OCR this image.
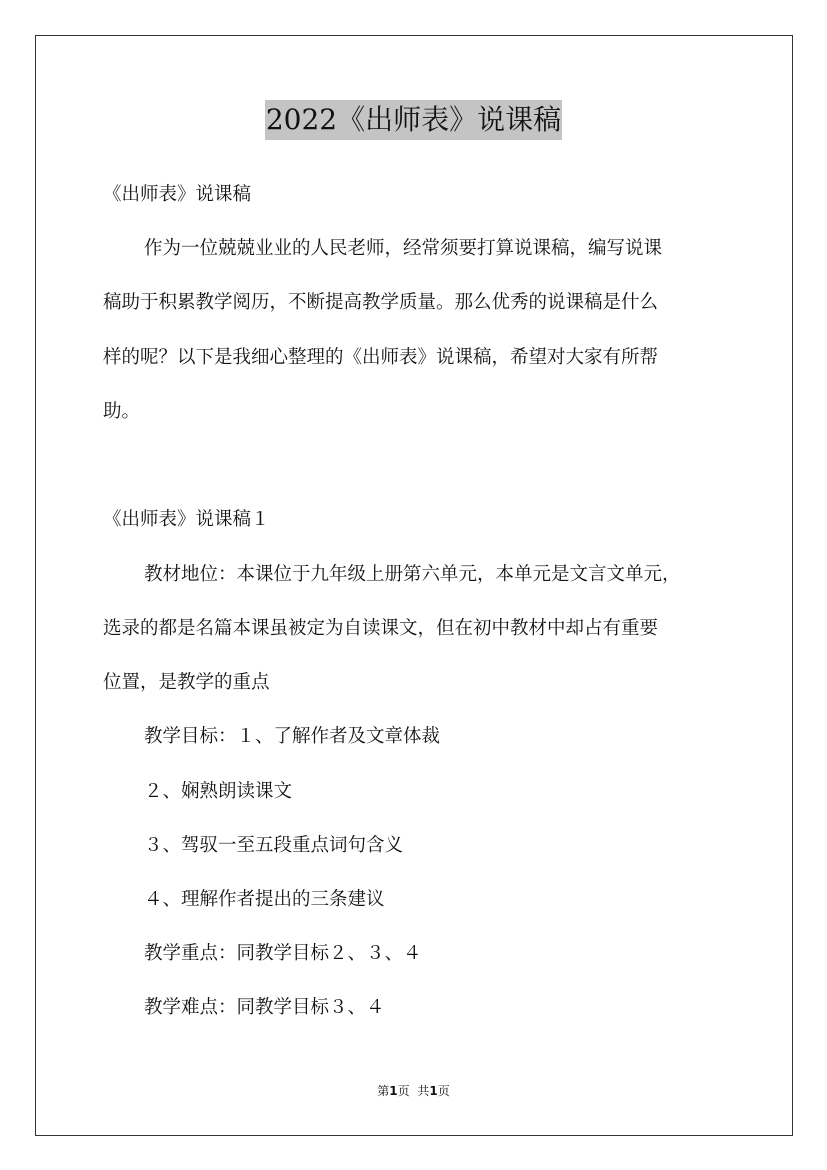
2022《出师表》说课稿
《出师表》说课稿
作为一位兢兢业业的人民老师，经常须要打算说课稿，编写说课
稿助于积累教学阅历，不断提高教学质量。那么优秀的说课稿是什么
样的呢？以下是我细心整理的《出师表》说课稿，希望对大家有所帮
助。
《出师表》说课稿１
教材地位：本课位于九年级上册第六单元，本单元是文言文单元，
选录的都是名篇本课虽被定为自读课文，但在初中教材中却占有重要
位置，是教学的重点
教学目标：１、了解作者及文章体裁
２、娴熟朗读课文
３、驾驭一至五段重点词句含义
４、理解作者提出的三条建议
教学重点：同教学目标２、３、４
教学难点：同教学目标３、４
第1页 共1页
